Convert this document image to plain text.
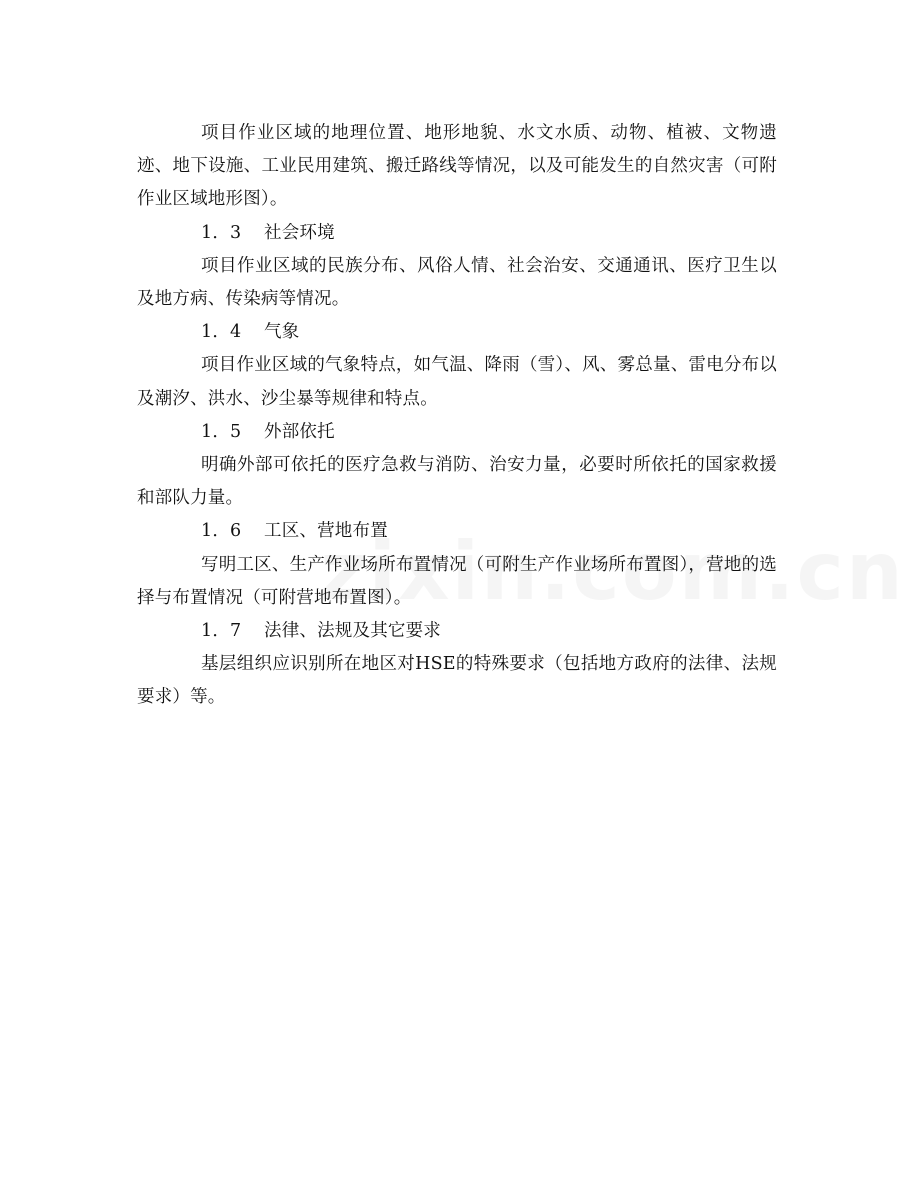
项目作业区域的地理位置、地形地貌、水文水质、动物、植被、文物遗迹、地下设施、工业民用建筑、搬迁路线等情况，以及可能发生的自然灾害（可附作业区域地形图）。

1．3 社会环境

项目作业区域的民族分布、风俗人情、社会治安、交通通讯、医疗卫生以及地方病、传染病等情况。

1．4 气象

项目作业区域的气象特点，如气温、降雨（雪）、风、雾总量、雷电分布以及潮汐、洪水、沙尘暴等规律和特点。

1．5 外部依托

明确外部可依托的医疗急救与消防、治安力量，必要时所依托的国家救援和部队力量。

1．6 工区、营地布置

写明工区、生产作业场所布置情况（可附生产作业场所布置图），营地的选择与布置情况（可附营地布置图）。

1．7 法律、法规及其它要求

基层组织应识别所在地区对HSE的特殊要求（包括地方政府的法律、法规要求）等。
